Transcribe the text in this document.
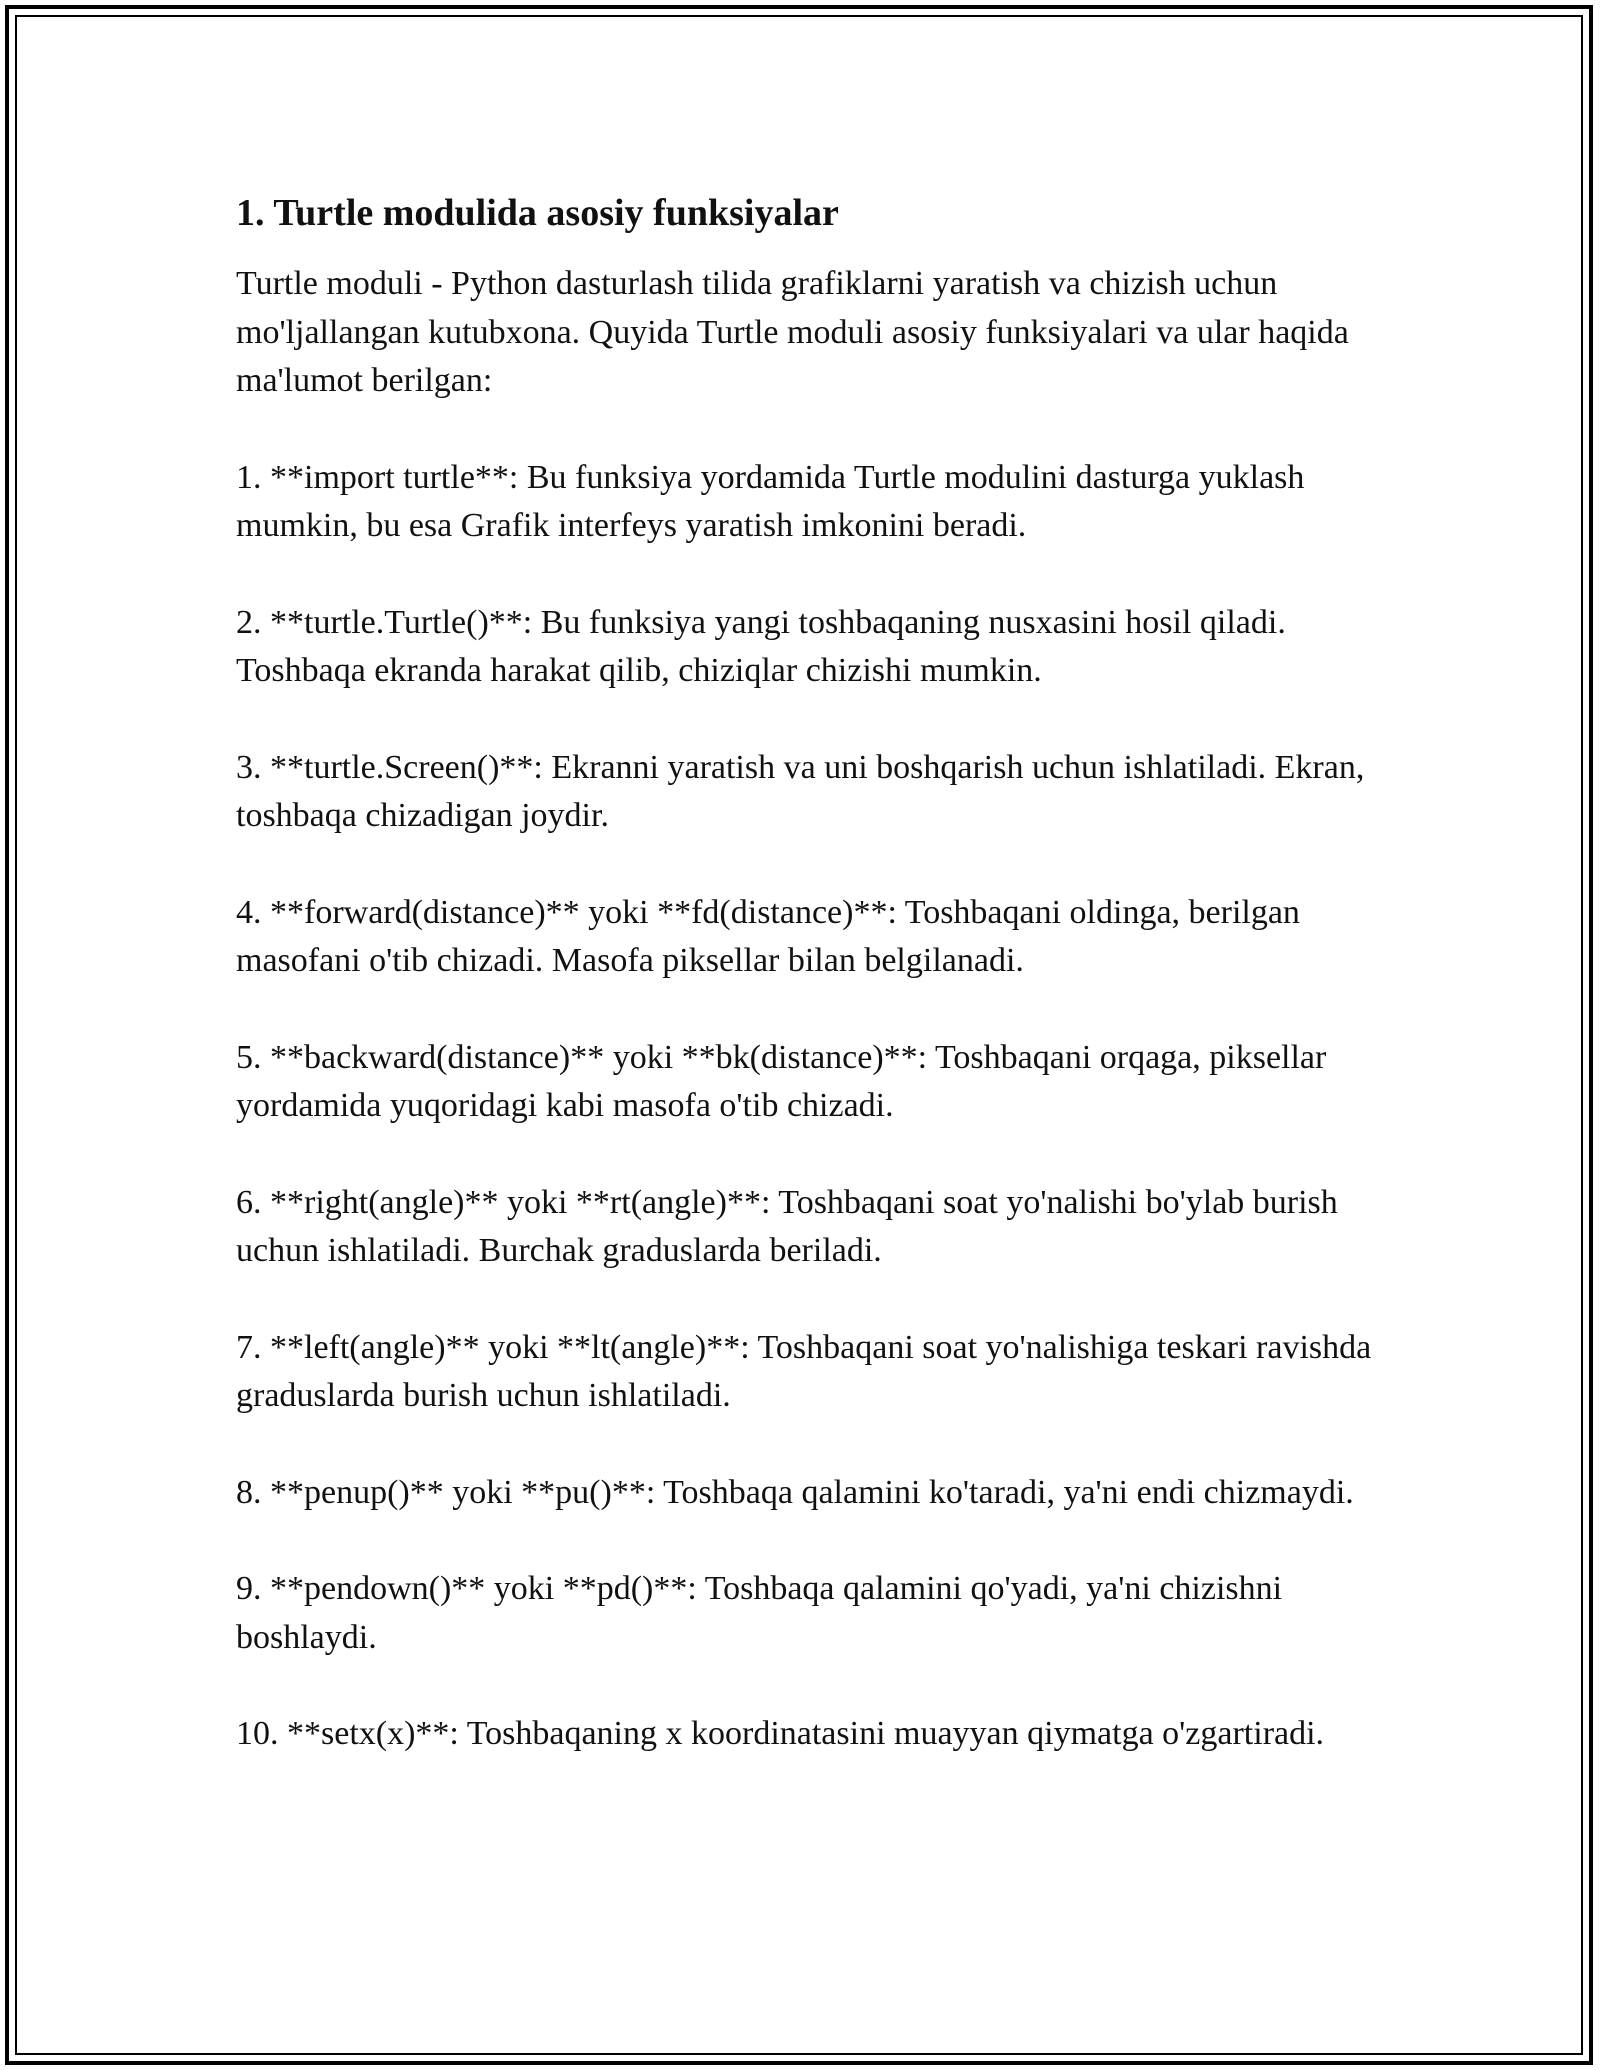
1. Turtle modulida asosiy funksiyalar

Turtle moduli - Python dasturlash tilida grafiklarni yaratish va chizish uchun mo'ljallangan kutubxona. Quyida Turtle moduli asosiy funksiyalari va ular haqida ma'lumot berilgan:

1. **import turtle**: Bu funksiya yordamida Turtle modulini dasturga yuklash mumkin, bu esa Grafik interfeys yaratish imkonini beradi.

2. **turtle.Turtle()**: Bu funksiya yangi toshbaqaning nusxasini hosil qiladi. Toshbaqa ekranda harakat qilib, chiziqlar chizishi mumkin.

3. **turtle.Screen()**: Ekranni yaratish va uni boshqarish uchun ishlatiladi. Ekran, toshbaqa chizadigan joydir.

4. **forward(distance)** yoki **fd(distance)**: Toshbaqani oldinga, berilgan masofani o'tib chizadi. Masofa piksellar bilan belgilanadi.

5. **backward(distance)** yoki **bk(distance)**: Toshbaqani orqaga, piksellar yordamida yuqoridagi kabi masofa o'tib chizadi.

6. **right(angle)** yoki **rt(angle)**: Toshbaqani soat yo'nalishi bo'ylab burish uchun ishlatiladi. Burchak graduslarda beriladi.

7. **left(angle)** yoki **lt(angle)**: Toshbaqani soat yo'nalishiga teskari ravishda graduslarda burish uchun ishlatiladi.

8. **penup()** yoki **pu()**: Toshbaqa qalamini ko'taradi, ya'ni endi chizmaydi.

9. **pendown()** yoki **pd()**: Toshbaqa qalamini qo'yadi, ya'ni chizishni boshlaydi.

10. **setx(x)**: Toshbaqaning x koordinatasini muayyan qiymatga o'zgartiradi.
